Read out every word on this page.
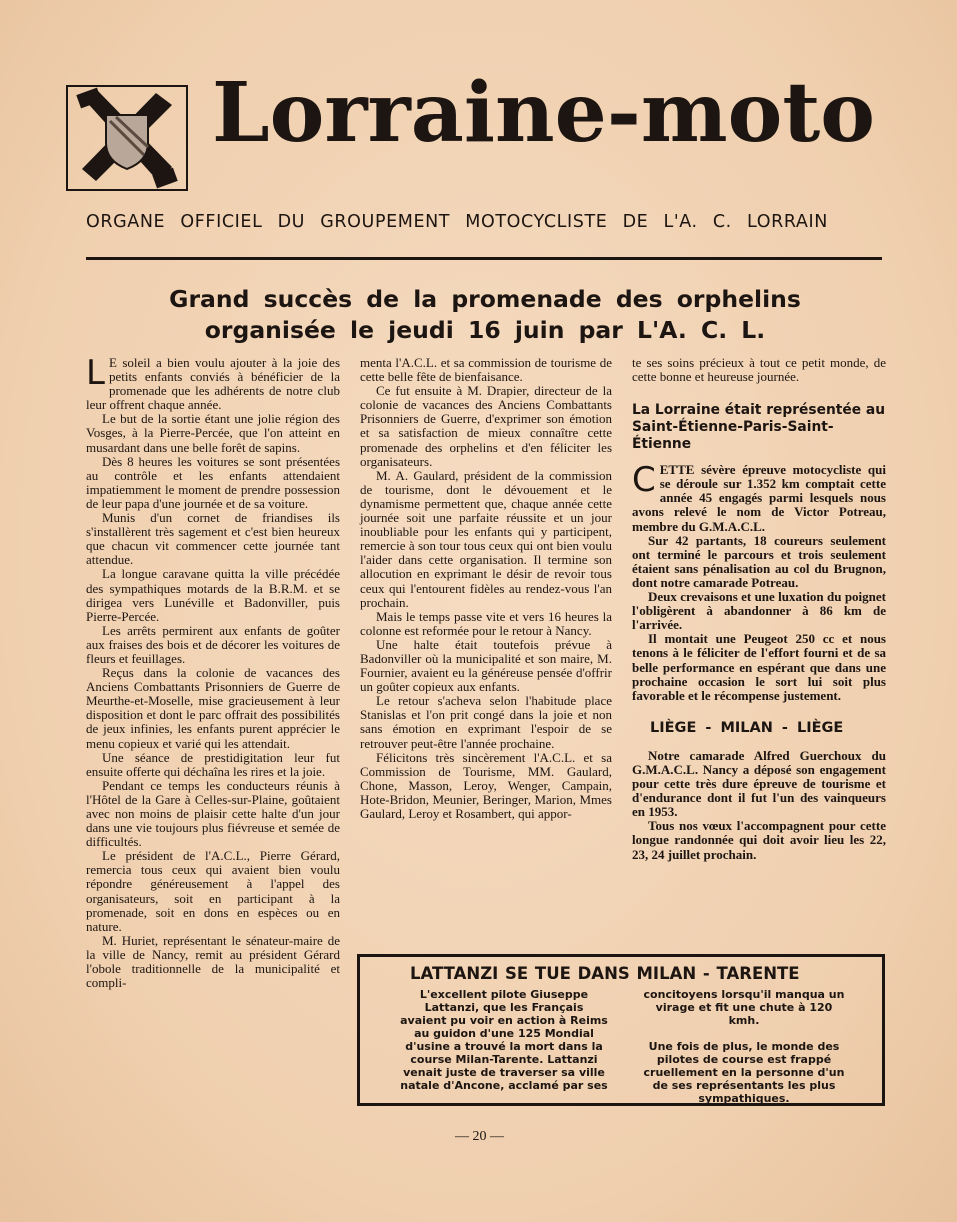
Lorraine-moto
ORGANE OFFICIEL DU GROUPEMENT MOTOCYCLISTE DE L'A. C. LORRAIN
Grand succès de la promenade des orphelins
organisée le jeudi 16 juin par L'A. C. L.

L E soleil a bien voulu ajouter à la joie des petits enfants conviés à bénéficier de la promenade que les adhérents de notre club leur offrent chaque année.

Le but de la sortie étant une jolie région des Vosges, à la Pierre-Percée, que l'on atteint en musardant dans une belle forêt de sapins.

Dès 8 heures les voitures se sont présentées au contrôle et les enfants attendaient impatiemment le moment de prendre possession de leur papa d'une journée et de sa voiture.

Munis d'un cornet de friandises ils s'installèrent très sagement et c'est bien heureux que chacun vit commencer cette journée tant attendue.

La longue caravane quitta la ville précédée des sympathiques motards de la B.R.M. et se dirigea vers Lunéville et Badonviller, puis Pierre-Percée.

Les arrêts permirent aux enfants de goûter aux fraises des bois et de décorer les voitures de fleurs et feuillages.

Reçus dans la colonie de vacances des Anciens Combattants Prisonniers de Guerre de Meurthe-et-Moselle, mise gracieusement à leur disposition et dont le parc offrait des possibilités de jeux infinies, les enfants purent apprécier le menu copieux et varié qui les attendait.

Une séance de prestidigitation leur fut ensuite offerte qui déchaîna les rires et la joie.

Pendant ce temps les conducteurs réunis à l'Hôtel de la Gare à Celles-sur-Plaine, goûtaient avec non moins de plaisir cette halte d'un jour dans une vie toujours plus fiévreuse et semée de difficultés.

Le président de l'A.C.L., Pierre Gérard, remercia tous ceux qui avaient bien voulu répondre généreusement à l'appel des organisateurs, soit en participant à la promenade, soit en dons en espèces ou en nature.

M. Huriet, représentant le sénateur-maire de la ville de Nancy, remit au président Gérard l'obole traditionnelle de la municipalité et compli-

menta l'A.C.L. et sa commission de tourisme de cette belle fête de bienfaisance.

Ce fut ensuite à M. Drapier, directeur de la colonie de vacances des Anciens Combattants Prisonniers de Guerre, d'exprimer son émotion et sa satisfaction de mieux connaître cette promenade des orphelins et d'en féliciter les organisateurs.

M. A. Gaulard, président de la commission de tourisme, dont le dévouement et le dynamisme permettent que, chaque année cette journée soit une parfaite réussite et un jour inoubliable pour les enfants qui y participent, remercie à son tour tous ceux qui ont bien voulu l'aider dans cette organisation. Il termine son allocution en exprimant le désir de revoir tous ceux qui l'entourent fidèles au rendez-vous l'an prochain.

Mais le temps passe vite et vers 16 heures la colonne est reformée pour le retour à Nancy.

Une halte était toutefois prévue à Badonviller où la municipalité et son maire, M. Fournier, avaient eu la généreuse pensée d'offrir un goûter copieux aux enfants.

Le retour s'acheva selon l'habitude place Stanislas et l'on prit congé dans la joie et non sans émotion en exprimant l'espoir de se retrouver peut-être l'année prochaine.

Félicitons très sincèrement l'A.C.L. et sa Commission de Tourisme, MM. Gaulard, Chone, Masson, Leroy, Wenger, Campain, Hote-Bridon, Meunier, Beringer, Marion, Mmes Gaulard, Leroy et Rosambert, qui appor-

te ses soins précieux à tout ce petit monde, de cette bonne et heureuse journée.

La Lorraine était représentée au Saint-Étienne-Paris-Saint-Étienne

CETTE sévère épreuve motocycliste qui se déroule sur 1.352 km comptait cette année 45 engagés parmi lesquels nous avons relevé le nom de Victor Potreau, membre du G.M.A.C.L.

Sur 42 partants, 18 coureurs seulement ont terminé le parcours et trois seulement étaient sans pénalisation au col du Brugnon, dont notre camarade Potreau.

Deux crevaisons et une luxation du poignet l'obligèrent à abandonner à 86 km de l'arrivée.

Il montait une Peugeot 250 cc et nous tenons à le féliciter de l'effort fourni et de sa belle performance en espérant que dans une prochaine occasion le sort lui soit plus favorable et le récompense justement.

LIÈGE - MILAN - LIÈGE

Notre camarade Alfred Guerchoux du G.M.A.C.L. Nancy a déposé son engagement pour cette très dure épreuve de tourisme et d'endurance dont il fut l'un des vainqueurs en 1953.

Tous nos vœux l'accompagnent pour cette longue randonnée qui doit avoir lieu les 22, 23, 24 juillet prochain.

LATTANZI SE TUE DANS MILAN - TARENTE

L'excellent pilote Giuseppe Lattanzi, que les Français avaient pu voir en action à Reims au guidon d'une 125 Mondial d'usine a trouvé la mort dans la course Milan-Tarente. Lattanzi venait juste de traverser sa ville natale d'Ancone, acclamé par ses

concitoyens lorsqu'il manqua un virage et fit une chute à 120 kmh.

Une fois de plus, le monde des pilotes de course est frappé cruellement en la personne d'un de ses représentants les plus sympathiques.

— 20 —
